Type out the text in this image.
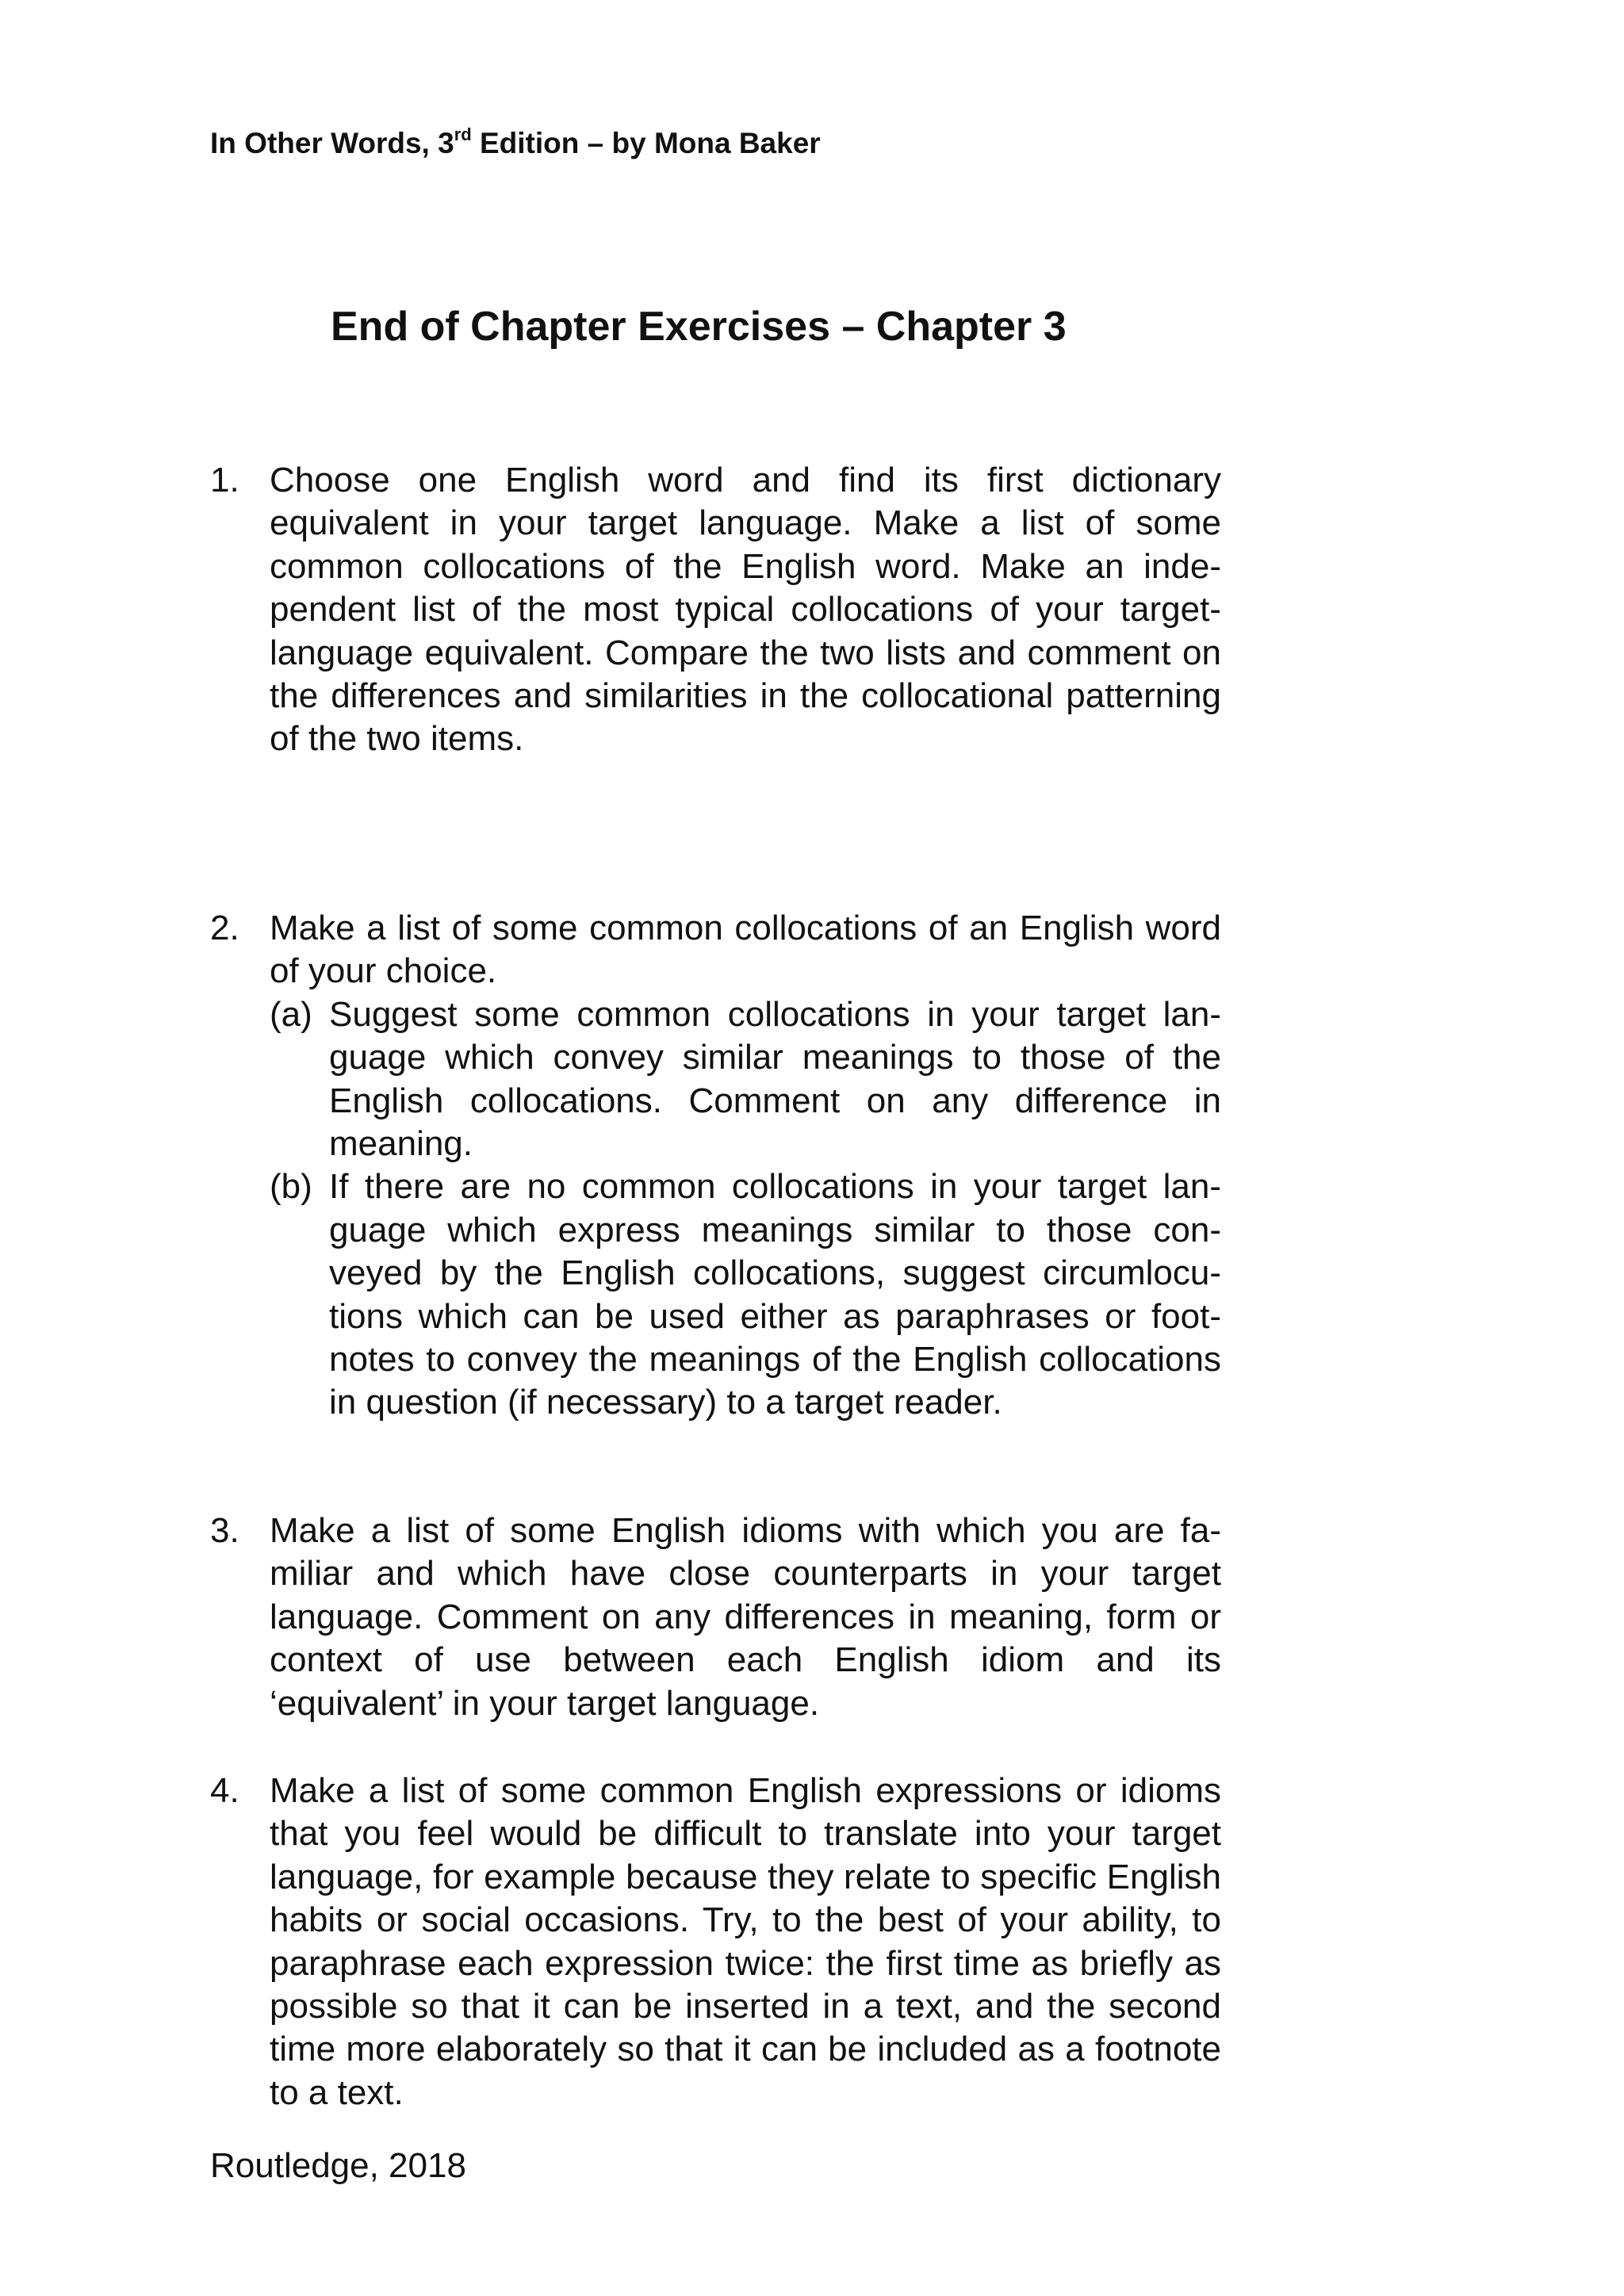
In Other Words, 3rd Edition – by Mona Baker
End of Chapter Exercises – Chapter 3
1. Choose one English word and find its first dictionary equivalent in your target language. Make a list of some common collocations of the English word. Make an independent list of the most typical collocations of your target-language equivalent. Compare the two lists and comment on the differences and similarities in the collocational patterning of the two items.

2. Make a list of some common collocations of an English word of your choice.

(a) Suggest some common collocations in your target language which convey similar meanings to those of the English collocations. Comment on any difference in meaning.

(b) If there are no common collocations in your target language which express meanings similar to those conveyed by the English collocations, suggest circumlocutions which can be used either as paraphrases or footnotes to convey the meanings of the English collocations in question (if necessary) to a target reader.

3. Make a list of some English idioms with which you are familiar and which have close counterparts in your target language. Comment on any differences in meaning, form or context of use between each English idiom and its ‘equivalent’ in your target language.

4. Make a list of some common English expressions or idioms that you feel would be difficult to translate into your target language, for example because they relate to specific English habits or social occasions. Try, to the best of your ability, to paraphrase each expression twice: the first time as briefly as possible so that it can be inserted in a text, and the second time more elaborately so that it can be included as a footnote to a text.

Routledge, 2018
